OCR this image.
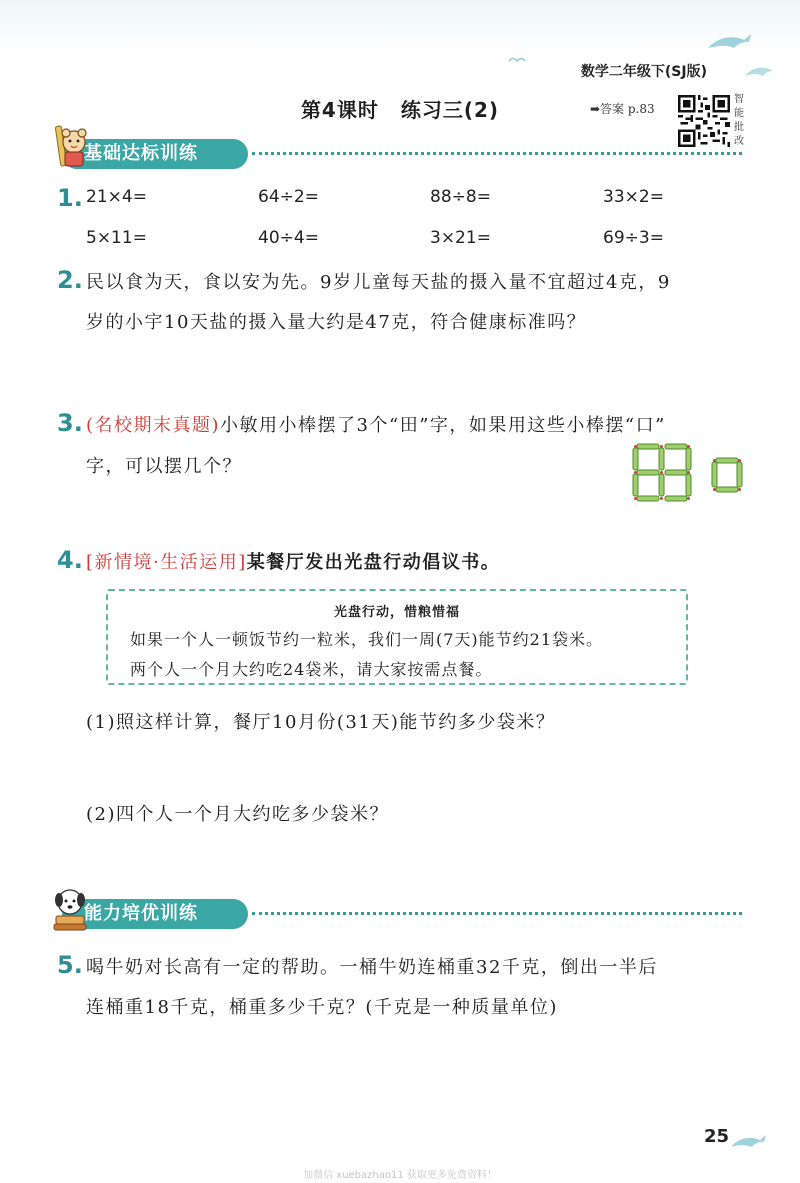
数学二年级下(SJ版)
第4课时 练习三(2)	➡答案 p.83
智
能
批
改
基础达标训练
1. 21×4=	64÷2=	88÷8=	33×2=
5×11=	40÷4=	3×21=	69÷3=
2. 民以食为天，食以安为先。9岁儿童每天盐的摄入量不宜超过4克，9
岁的小宇10天盐的摄入量大约是47克，符合健康标准吗？
3. (名校期末真题)小敏用小棒摆了3个“田”字，如果用这些小棒摆“口”
字，可以摆几个？
4. [新情境·生活运用]某餐厅发出光盘行动倡议书。
光盘行动，惜粮惜福
如果一个人一顿饭节约一粒米，我们一周(7天)能节约21袋米。
两个人一个月大约吃24袋米，请大家按需点餐。
(1)照这样计算，餐厅10月份(31天)能节约多少袋米？
(2)四个人一个月大约吃多少袋米？
能力培优训练
5. 喝牛奶对长高有一定的帮助。一桶牛奶连桶重32千克，倒出一半后
连桶重18千克，桶重多少千克？(千克是一种质量单位)
25
加微信 xuebazhao11 获取更多免费资料！
